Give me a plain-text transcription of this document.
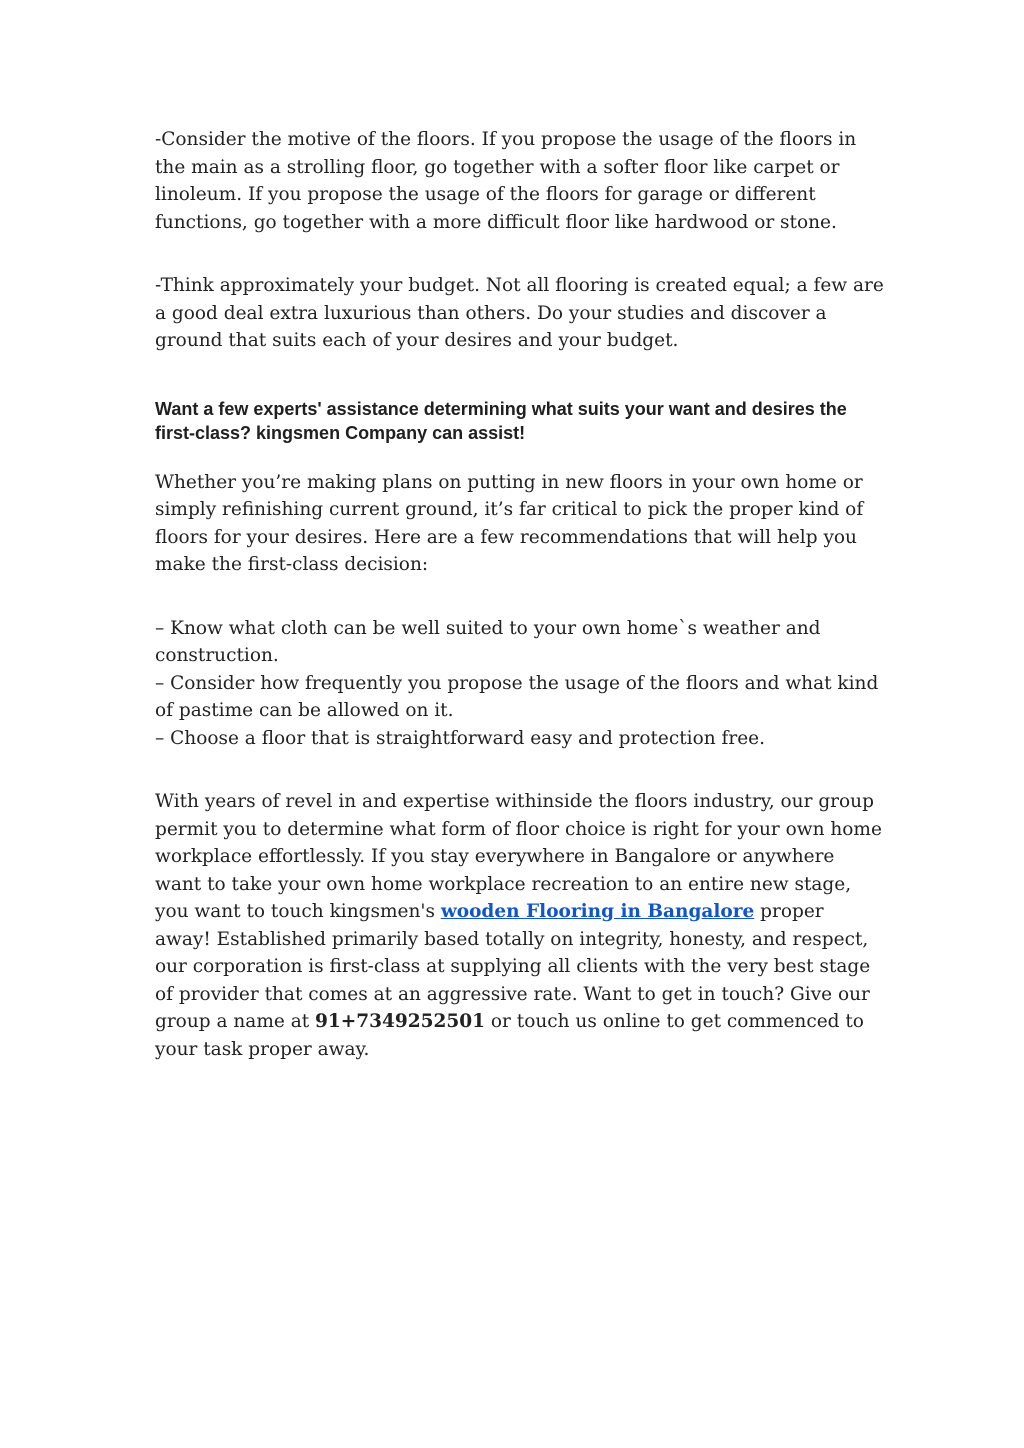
-Consider the motive of the floors. If you propose the usage of the floors in the main as a strolling floor, go together with a softer floor like carpet or linoleum. If you propose the usage of the floors for garage or different functions, go together with a more difficult floor like hardwood or stone.

-Think approximately your budget. Not all flooring is created equal; a few are a good deal extra luxurious than others. Do your studies and discover a ground that suits each of your desires and your budget.

Want a few experts' assistance determining what suits your want and desires the first-class? kingsmen Company can assist!

Whether you’re making plans on putting in new floors in your own home or simply refinishing current ground, it’s far critical to pick the proper kind of floors for your desires. Here are a few recommendations that will help you make the first-class decision:

– Know what cloth can be well suited to your own home`s weather and construction.

– Consider how frequently you propose the usage of the floors and what kind of pastime can be allowed on it.

– Choose a floor that is straightforward easy and protection free.

With years of revel in and expertise withinside the floors industry, our group permit you to determine what form of floor choice is right for your own home workplace effortlessly. If you stay everywhere in Bangalore or anywhere want to take your own home workplace recreation to an entire new stage, you want to touch kingsmen's wooden Flooring in Bangalore proper away! Established primarily based totally on integrity, honesty, and respect, our corporation is first-class at supplying all clients with the very best stage of provider that comes at an aggressive rate. Want to get in touch? Give our group a name at 91+7349252501 or touch us online to get commenced to your task proper away.
